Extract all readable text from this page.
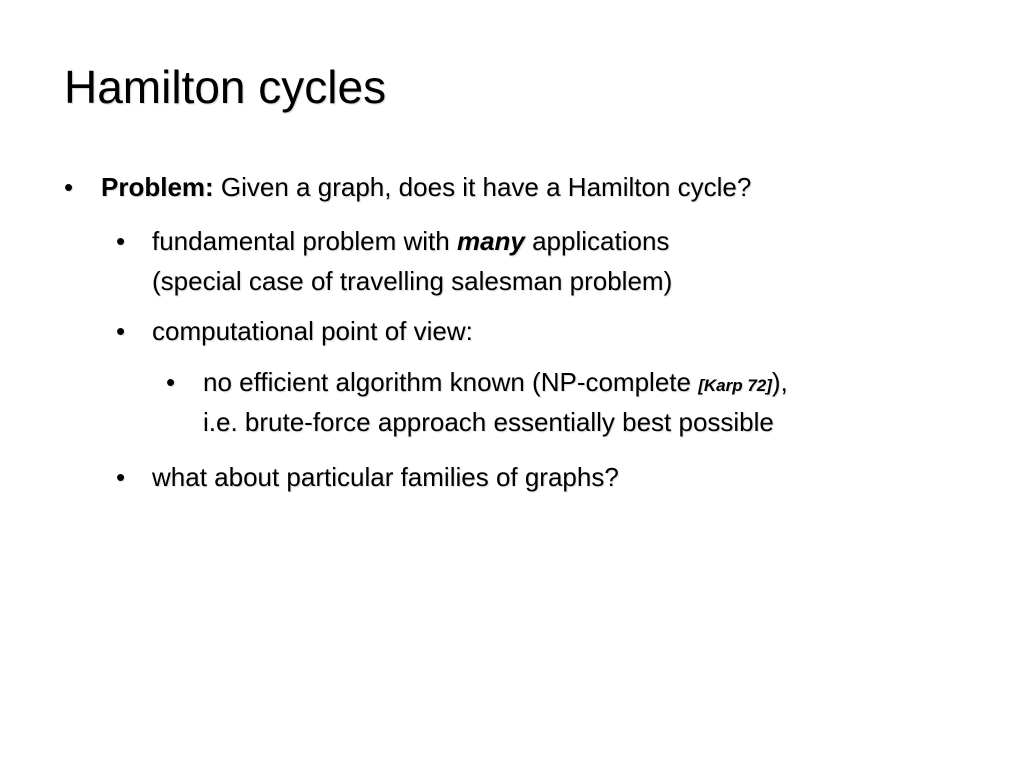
Hamilton cycles
• Problem: Given a graph, does it have a Hamilton cycle?
• fundamental problem with many applications
(special case of travelling salesman problem)
• computational point of view:
• no efficient algorithm known (NP-complete [Karp 72]),
i.e. brute-force approach essentially best possible
• what about particular families of graphs?
